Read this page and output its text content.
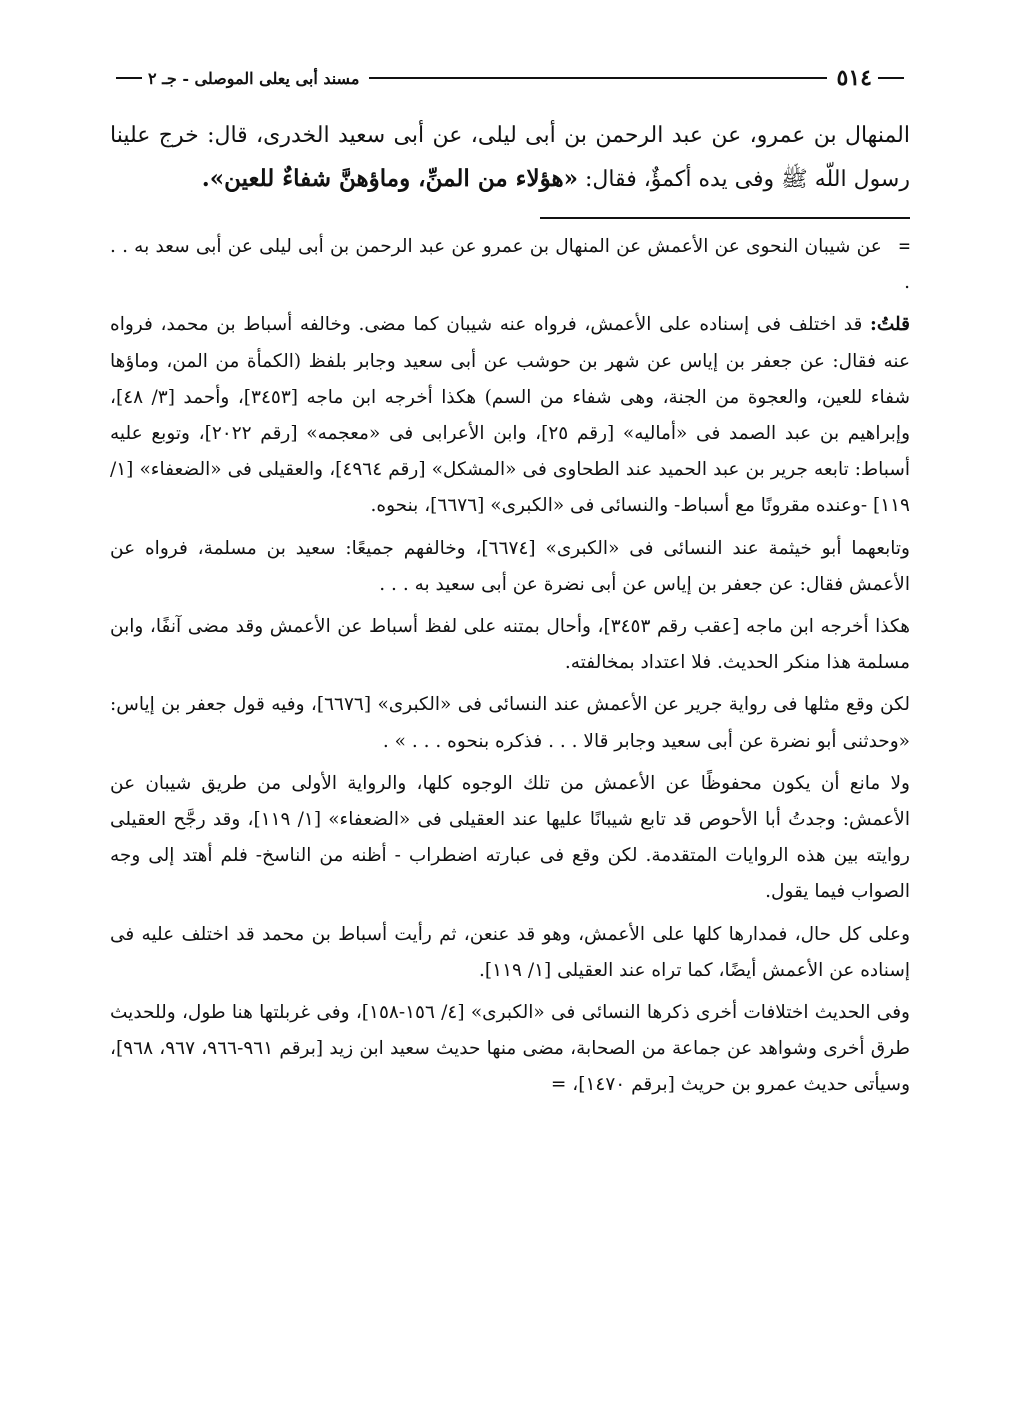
٥١٤
مسند أبى يعلى الموصلى - جـ ٢
المنهال بن عمرو، عن عبد الرحمن بن أبى ليلى، عن أبى سعيد الخدرى، قال: خرج علينا رسول اللّه ﷺ وفى يده أكمؤٌ، فقال: «هؤلاء من المنِّ، وماؤهنَّ شفاءٌ للعين».

= عن شيبان النحوى عن الأعمش عن المنهال بن عمرو عن عبد الرحمن بن أبى ليلى عن أبى سعد به . . .

قلتُ: قد اختلف فى إسناده على الأعمش، فرواه عنه شيبان كما مضى. وخالفه أسباط بن محمد، فرواه عنه فقال: عن جعفر بن إياس عن شهر بن حوشب عن أبى سعيد وجابر بلفظ (الكمأة من المن، وماؤها شفاء للعين، والعجوة من الجنة، وهى شفاء من السم) هكذا أخرجه ابن ماجه [٣٤٥٣]، وأحمد [٣/ ٤٨]، وإبراهيم بن عبد الصمد فى «أماليه» [رقم ٢٥]، وابن الأعرابى فى «معجمه» [رقم ٢٠٢٢]، وتوبع عليه أسباط: تابعه جرير بن عبد الحميد عند الطحاوى فى «المشكل» [رقم ٤٩٦٤]، والعقيلى فى «الضعفاء» [١/ ١١٩] -وعنده مقرونًا مع أسباط- والنسائى فى «الكبرى» [٦٦٧٦]، بنحوه.

وتابعهما أبو خيثمة عند النسائى فى «الكبرى» [٦٦٧٤]، وخالفهم جميعًا: سعيد بن مسلمة، فرواه عن الأعمش فقال: عن جعفر بن إياس عن أبى نضرة عن أبى سعيد به . . .

هكذا أخرجه ابن ماجه [عقب رقم ٣٤٥٣]، وأحال بمتنه على لفظ أسباط عن الأعمش وقد مضى آنفًا، وابن مسلمة هذا منكر الحديث. فلا اعتداد بمخالفته.

لكن وقع مثلها فى رواية جرير عن الأعمش عند النسائى فى «الكبرى» [٦٦٧٦]، وفيه قول جعفر بن إياس: «وحدثنى أبو نضرة عن أبى سعيد وجابر قالا . . . فذكره بنحوه . . . » .

ولا مانع أن يكون محفوظًا عن الأعمش من تلك الوجوه كلها، والرواية الأولى من طريق شيبان عن الأعمش: وجدتُ أبا الأحوص قد تابع شيبانًا عليها عند العقيلى فى «الضعفاء» [١/ ١١٩]، وقد رجَّح العقيلى روايته بين هذه الروايات المتقدمة. لكن وقع فى عبارته اضطراب - أظنه من الناسخ- فلم أهتد إلى وجه الصواب فيما يقول.

وعلى كل حال، فمدارها كلها على الأعمش، وهو قد عنعن، ثم رأيت أسباط بن محمد قد اختلف عليه فى إسناده عن الأعمش أيضًا، كما تراه عند العقيلى [١/ ١١٩].

وفى الحديث اختلافات أخرى ذكرها النسائى فى «الكبرى» [٤/ ١٥٦-١٥٨]، وفى غربلتها هنا طول، وللحديث طرق أخرى وشواهد عن جماعة من الصحابة، مضى منها حديث سعيد ابن زيد [برقم ٩٦١-٩٦٦، ٩٦٧، ٩٦٨]، وسيأتى حديث عمرو بن حريث [برقم ١٤٧٠]، =
